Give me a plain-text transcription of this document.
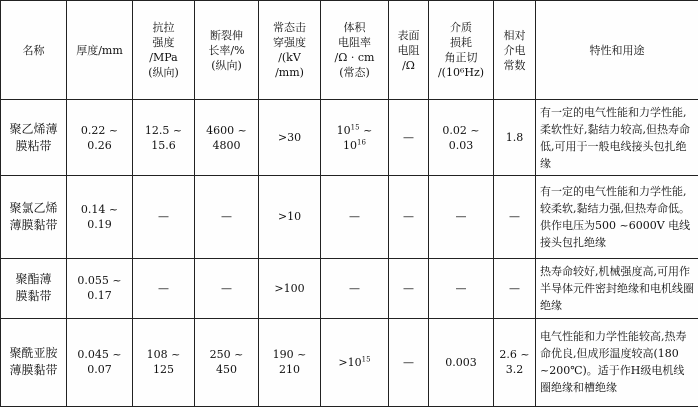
名称	厚度/mm	抗拉
强度
/MPa
(纵向)	断裂伸
长率/%
(纵向)	常态击
穿强度
/(kV
/mm)	体积
电阻率
/Ω · cm
(常态)	表面
电阻
/Ω	介质
损耗
角正切
/(10⁶Hz)	相对
介电
常数	特性和用途

聚乙烯薄
膜粘带	0.22 ~
0.26	12.5 ~
15.6	4600 ~
4800	>30	$10^{15}$ ~
$10^{16}$	—	0.02 ~
0.03	1.8	有一定的电气性能和力学性能,柔软性好,黏结力较高,但热寿命低,可用于一般电线接头包扎绝缘

聚氯乙烯
薄膜黏带	0.14 ~
0.19	—	—	>10	—	—	—	—	有一定的电气性能和力学性能,较柔软,黏结力强,但热寿命低。供作电压为500 ~6000V 电线接头包扎绝缘

聚酯薄
膜黏带	0.055 ~
0.17	—	—	>100	—	—	—	—	热寿命较好,机械强度高,可用作半导体元件密封绝缘和电机线圈绝缘

聚酰亚胺
薄膜黏带	0.045 ~
0.07	108 ~
125	250 ~
450	190 ~
210	$>10^{15}$	—	0.003	2.6 ~
3.2	电气性能和力学性能较高,热寿命优良,但成形温度较高(180 ~200℃)。适于作H级电机线圈绝缘和槽绝缘
